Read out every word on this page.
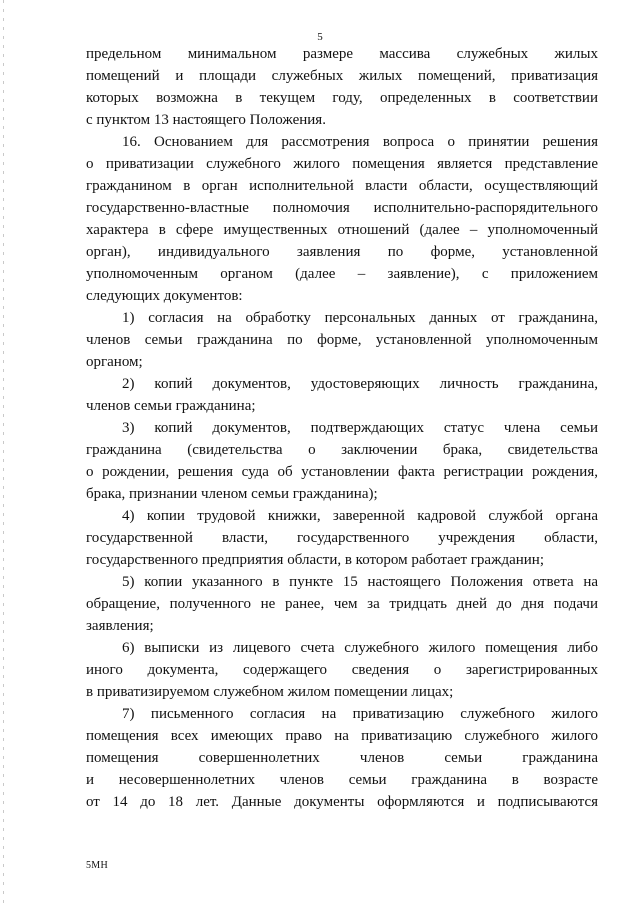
5

предельном минимальном размере массива служебных жилых
помещений и площади служебных жилых помещений, приватизация
которых возможна в текущем году, определенных в соответствии
с пунктом 13 настоящего Положения.

16. Основанием для рассмотрения вопроса о принятии решения
о приватизации служебного жилого помещения является представление
гражданином в орган исполнительной власти области, осуществляющий
государственно-властные полномочия исполнительно-распорядительного
характера в сфере имущественных отношений (далее – уполномоченный
орган), индивидуального заявления по форме, установленной
уполномоченным органом (далее – заявление), с приложением
следующих документов:

1) согласия на обработку персональных данных от гражданина,
членов семьи гражданина по форме, установленной уполномоченным
органом;

2) копий документов, удостоверяющих личность гражданина,
членов семьи гражданина;

3) копий документов, подтверждающих статус члена семьи
гражданина (свидетельства о заключении брака, свидетельства
о рождении, решения суда об установлении факта регистрации рождения,
брака, признании членом семьи гражданина);

4) копии трудовой книжки, заверенной кадровой службой органа
государственной власти, государственного учреждения области,
государственного предприятия области, в котором работает гражданин;

5) копии указанного в пункте 15 настоящего Положения ответа на
обращение, полученного не ранее, чем за тридцать дней до дня подачи
заявления;

6) выписки из лицевого счета служебного жилого помещения либо
иного документа, содержащего сведения о зарегистрированных
в приватизируемом служебном жилом помещении лицах;

7) письменного согласия на приватизацию служебного жилого
помещения всех имеющих право на приватизацию служебного жилого
помещения совершеннолетних членов семьи гражданина
и несовершеннолетних членов семьи гражданина в возрасте
от 14 до 18 лет. Данные документы оформляются и подписываются

5МН
